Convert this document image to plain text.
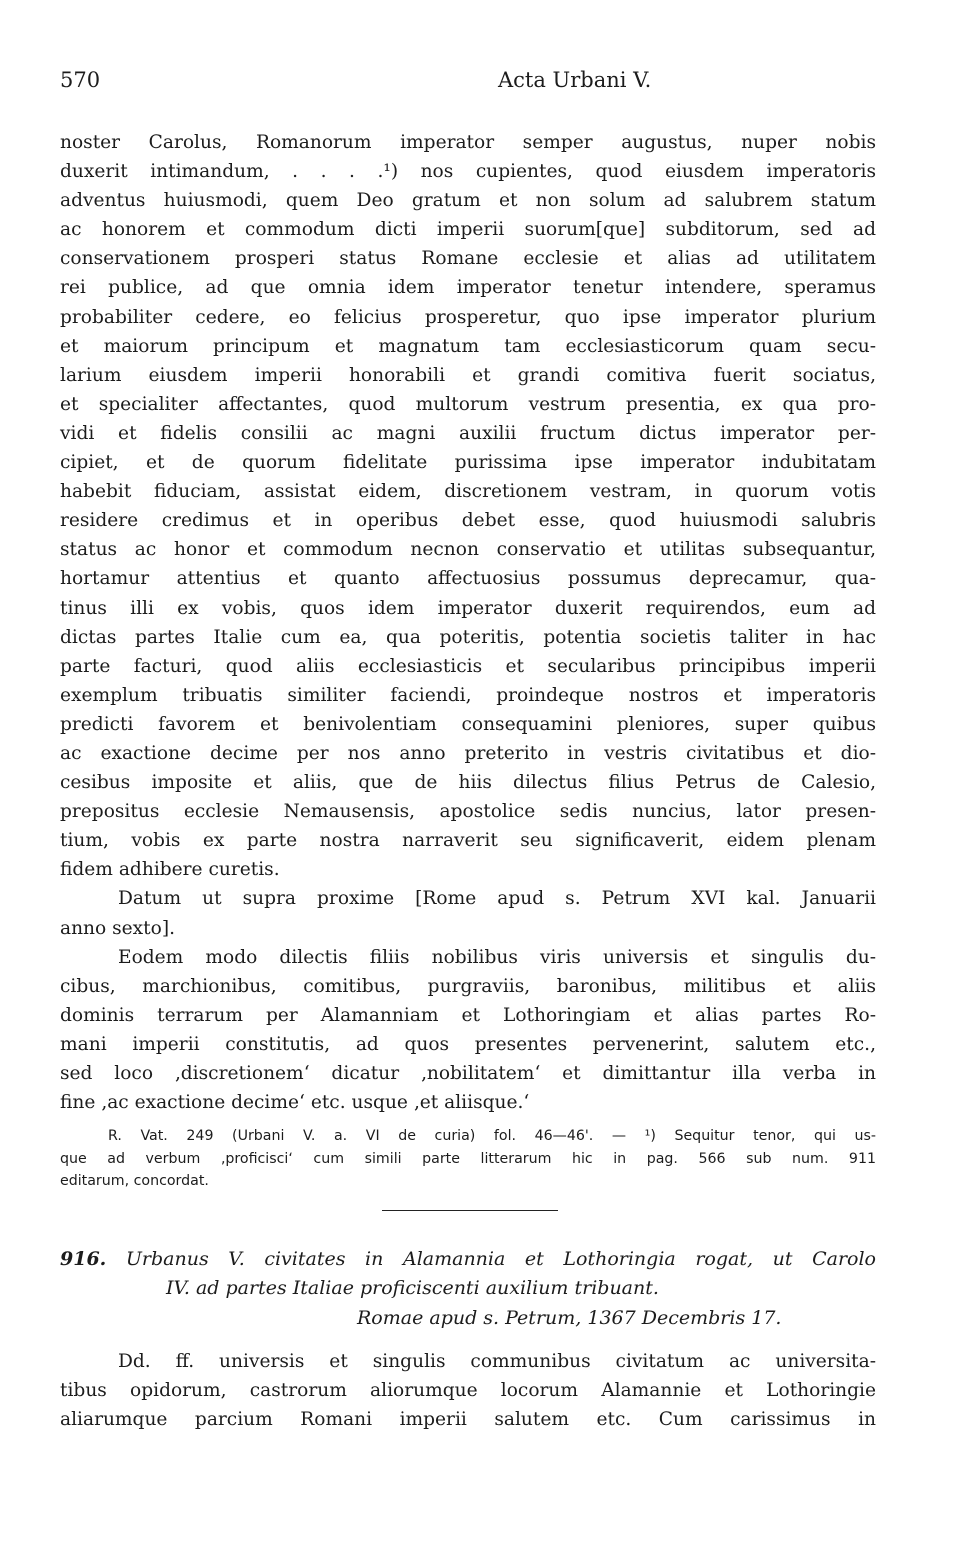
570	Acta Urbani V.
noster Carolus, Romanorum imperator semper augustus, nuper nobis
duxerit intimandum, . . . .¹) nos cupientes, quod eiusdem imperatoris
adventus huiusmodi, quem Deo gratum et non solum ad salubrem statum
ac honorem et commodum dicti imperii suorum[que] subditorum, sed ad
conservationem prosperi status Romane ecclesie et alias ad utilitatem
rei publice, ad que omnia idem imperator tenetur intendere, speramus
probabiliter cedere, eo felicius prosperetur, quo ipse imperator plurium
et maiorum principum et magnatum tam ecclesiasticorum quam secu-
larium eiusdem imperii honorabili et grandi comitiva fuerit sociatus,
et specialiter affectantes, quod multorum vestrum presentia, ex qua pro-
vidi et fidelis consilii ac magni auxilii fructum dictus imperator per-
cipiet, et de quorum fidelitate purissima ipse imperator indubitatam
habebit fiduciam, assistat eidem, discretionem vestram, in quorum votis
residere credimus et in operibus debet esse, quod huiusmodi salubris
status ac honor et commodum necnon conservatio et utilitas subsequantur,
hortamur attentius et quanto affectuosius possumus deprecamur, qua-
tinus illi ex vobis, quos idem imperator duxerit requirendos, eum ad
dictas partes Italie cum ea, qua poteritis, potentia societis taliter in hac
parte facturi, quod aliis ecclesiasticis et secularibus principibus imperii
exemplum tribuatis similiter faciendi, proindeque nostros et imperatoris
predicti favorem et benivolentiam consequamini pleniores, super quibus
ac exactione decime per nos anno preterito in vestris civitatibus et dio-
cesibus imposite et aliis, que de hiis dilectus filius Petrus de Calesio,
prepositus ecclesie Nemausensis, apostolice sedis nuncius, lator presen-
tium, vobis ex parte nostra narraverit seu significaverit, eidem plenam
fidem adhibere curetis.
Datum ut supra proxime [Rome apud s. Petrum XVI kal. Januarii
anno sexto].
Eodem modo dilectis filiis nobilibus viris universis et singulis du-
cibus, marchionibus, comitibus, purgraviis, baronibus, militibus et aliis
dominis terrarum per Alamanniam et Lothoringiam et alias partes Ro-
mani imperii constitutis, ad quos presentes pervenerint, salutem etc.,
sed loco ‚discretionem‘ dicatur ‚nobilitatem‘ et dimittantur illa verba in
fine ‚ac exactione decime‘ etc. usque ‚et aliisque.‘
R. Vat. 249 (Urbani V. a. VI de curia) fol. 46—46'. — ¹) Sequitur tenor, qui us-
que ad verbum ‚proficisci‘ cum simili parte litterarum hic in pag. 566 sub num. 911
editarum, concordat.
916. Urbanus V. civitates in Alamannia et Lothoringia rogat, ut Carolo
IV. ad partes Italiae proficiscenti auxilium tribuant.
Romae apud s. Petrum, 1367 Decembris 17.
Dd. ff. universis et singulis communibus civitatum ac universita-
tibus opidorum, castrorum aliorumque locorum Alamannie et Lothoringie
aliarumque parcium Romani imperii salutem etc. Cum carissimus in
